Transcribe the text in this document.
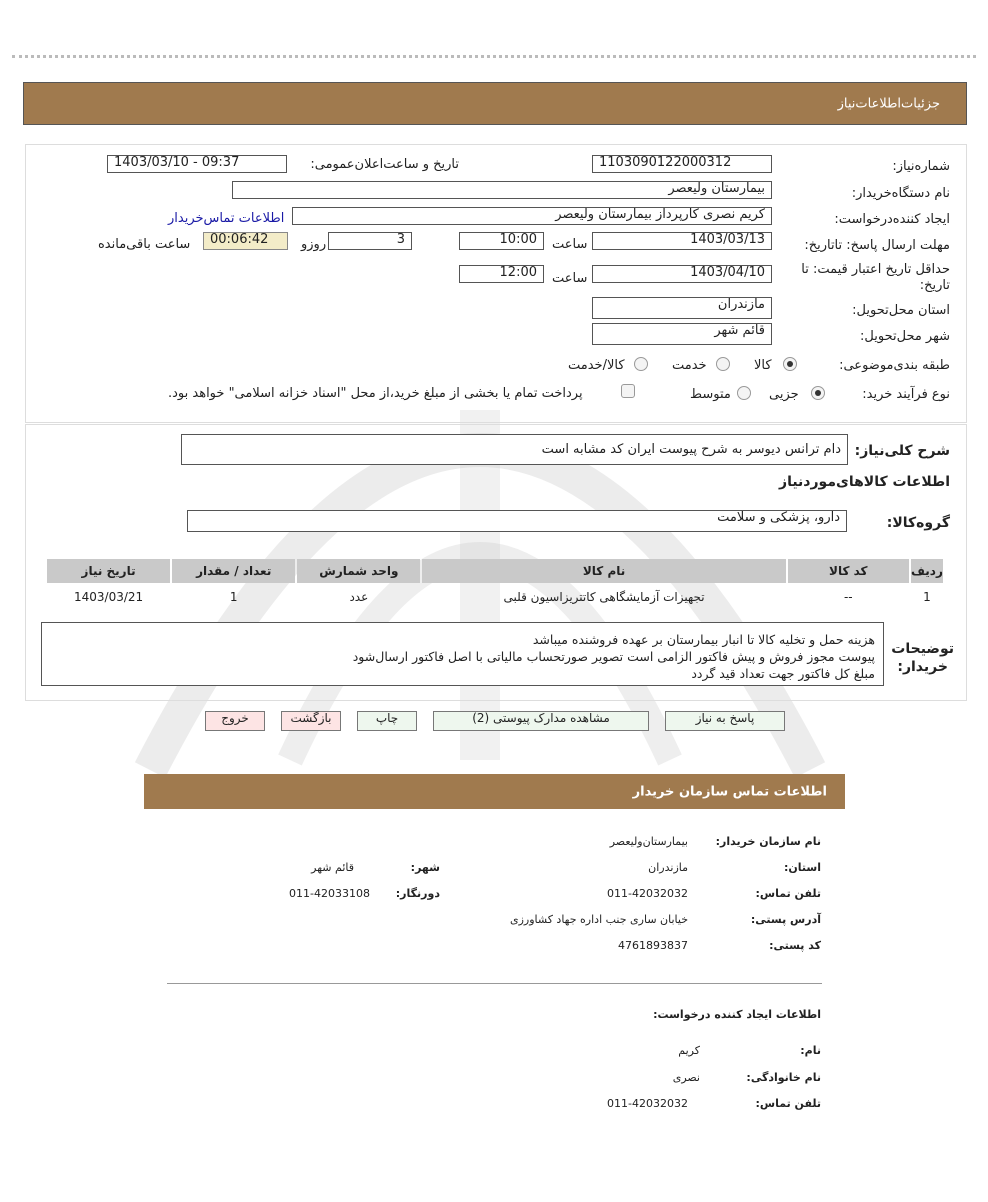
جزئیات‌اطلاعات‌نیاز
شماره‌نیاز:
1103090122000312
تاریخ و ساعت‌اعلان‌عمومی:
1403/03/10 - 09:37
نام دستگاه‌خریدار:
بیمارستان ولیعصر
ایجاد کننده‌درخواست:
کریم نصری کارپرداز بیمارستان ولیعصر
اطلاعات تماس‌خریدار
مهلت ارسال پاسخ: تاتاریخ:
1403/03/13
ساعت
10:00
3
روزو
00:06:42
ساعت باقی‌مانده
حداقل تاریخ اعتبار قیمت: تا تاریخ:
1403/04/10
ساعت
12:00
استان محل‌تحویل:
مازندران
شهر محل‌تحویل:
قائم شهر
طبقه بندی‌موضوعی:
کالا
خدمت
کالا/خدمت
نوع فرآیند خرید:
جزیی
متوسط
پرداخت تمام یا بخشی از مبلغ خرید،از محل "اسناد خزانه اسلامی" خواهد بود.
شرح کلی‌نیاز:
دام ترانس دیوسر به شرح پیوست ایران کد مشابه است
اطلاعات کالاهای‌مورد‌نیاز
گروه‌کالا:
دارو، پزشکی و سلامت
ردیف	کد کالا	نام کالا	واحد شمارش	تعداد / مقدار	تاریخ نیاز
1	--	تجهیزات آزمایشگاهی کاتتریزاسیون قلبی	عدد	1	1403/03/21
توضیحات
خریدار:
هزینه حمل و تخلیه کالا تا انبار بیمارستان بر عهده فروشنده میباشد
پیوست مجوز فروش و پیش فاکتور الزامی است تصویر صورتحساب مالیاتی با اصل فاکتور ارسال‌شود
مبلغ کل فاکتور جهت تعداد قید گردد
پاسخ به نیاز
مشاهده مدارک پیوستی (2)
چاپ
بازگشت
خروج
اطلاعات تماس سازمان خریدار
نام سازمان خریدار:
بیمارستان‌ولیعصر
استان:
مازندران
شهر:
قائم شهر
تلفن تماس:
011-42032032
دورنگار:
011-42033108
آدرس پستی:
خیابان ساری جنب اداره جهاد کشاورزی
کد پستی:
4761893837
اطلاعات ایجاد کننده درخواست:
نام:
کریم
نام خانوادگی:
نصری
تلفن تماس:
011-42032032
